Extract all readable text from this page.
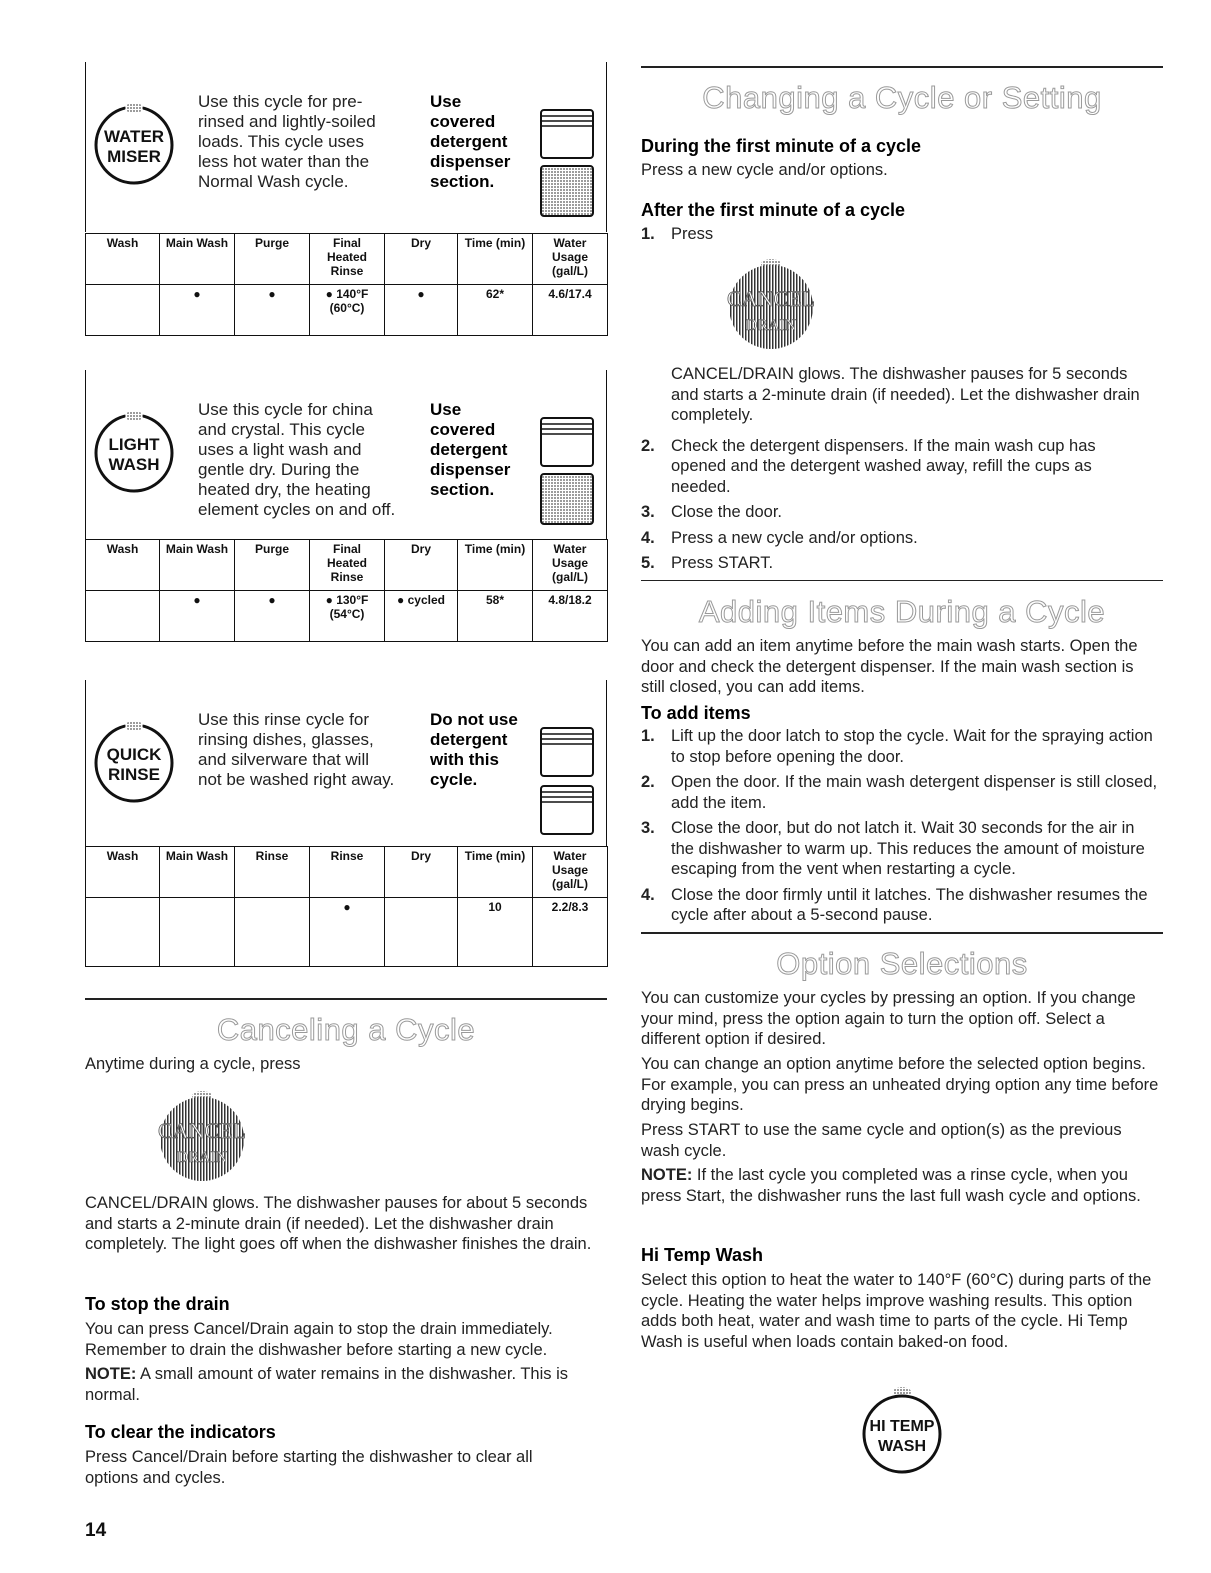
WATER
MISER
Use this cycle for pre-
rinsed and lightly-soiled
loads. This cycle uses
less hot water than the
Normal Wash cycle.
Use
covered
detergent
dispenser
section.
Wash	Main Wash	Purge	Final Heated Rinse	Dry	Time (min)	Water Usage (gal/L)
	●	●	● 140°F (60°C)	●	62*	4.6/17.4
LIGHT
WASH
Use this cycle for china
and crystal. This cycle
uses a light wash and
gentle dry. During the
heated dry, the heating
element cycles on and off.
Use
covered
detergent
dispenser
section.
Wash	Main Wash	Purge	Final Heated Rinse	Dry	Time (min)	Water Usage (gal/L)
	●	●	● 130°F (54°C)	● cycled	58*	4.8/18.2
QUICK
RINSE
Use this rinse cycle for
rinsing dishes, glasses,
and silverware that will
not be washed right away.
Do not use
detergent
with this
cycle.
Wash	Main Wash	Rinse	Rinse	Dry	Time (min)	Water Usage (gal/L)
			●		10	2.2/8.3
Canceling a Cycle

Anytime during a cycle, press

CANCEL
DRAIN

CANCEL/DRAIN glows. The dishwasher pauses for about 5 seconds and starts a 2-minute drain (if needed). Let the dishwasher drain completely. The light goes off when the dishwasher finishes the drain.

To stop the drain

You can press Cancel/Drain again to stop the drain immediately. Remember to drain the dishwasher before starting a new cycle.

NOTE: A small amount of water remains in the dishwasher. This is normal.

To clear the indicators

Press Cancel/Drain before starting the dishwasher to clear all options and cycles.

14

Changing a Cycle or Setting

During the first minute of a cycle

Press a new cycle and/or options.

After the first minute of a cycle

1. Press
CANCEL
DRAIN
CANCEL/DRAIN glows. The dishwasher pauses for 5 seconds and starts a 2-minute drain (if needed). Let the dishwasher drain completely.
2. Check the detergent dispensers. If the main wash cup has opened and the detergent washed away, refill the cups as needed.
3. Close the door.
4. Press a new cycle and/or options.
5. Press START.
Adding Items During a Cycle

You can add an item anytime before the main wash starts. Open the door and check the detergent dispenser. If the main wash section is still closed, you can add items.

To add items

1. Lift up the door latch to stop the cycle. Wait for the spraying action to stop before opening the door.
2. Open the door. If the main wash detergent dispenser is still closed, add the item.
3. Close the door, but do not latch it. Wait 30 seconds for the air in the dishwasher to warm up. This reduces the amount of moisture escaping from the vent when restarting a cycle.
4. Close the door firmly until it latches. The dishwasher resumes the cycle after about a 5-second pause.
Option Selections

You can customize your cycles by pressing an option. If you change your mind, press the option again to turn the option off. Select a different option if desired.

You can change an option anytime before the selected option begins. For example, you can press an unheated drying option any time before drying begins.

Press START to use the same cycle and option(s) as the previous wash cycle.

NOTE: If the last cycle you completed was a rinse cycle, when you press Start, the dishwasher runs the last full wash cycle and options.

Hi Temp Wash

Select this option to heat the water to 140°F (60°C) during parts of the cycle. Heating the water helps improve washing results. This option adds both heat, water and wash time to parts of the cycle. Hi Temp Wash is useful when loads contain baked-on food.

HI TEMP
WASH
